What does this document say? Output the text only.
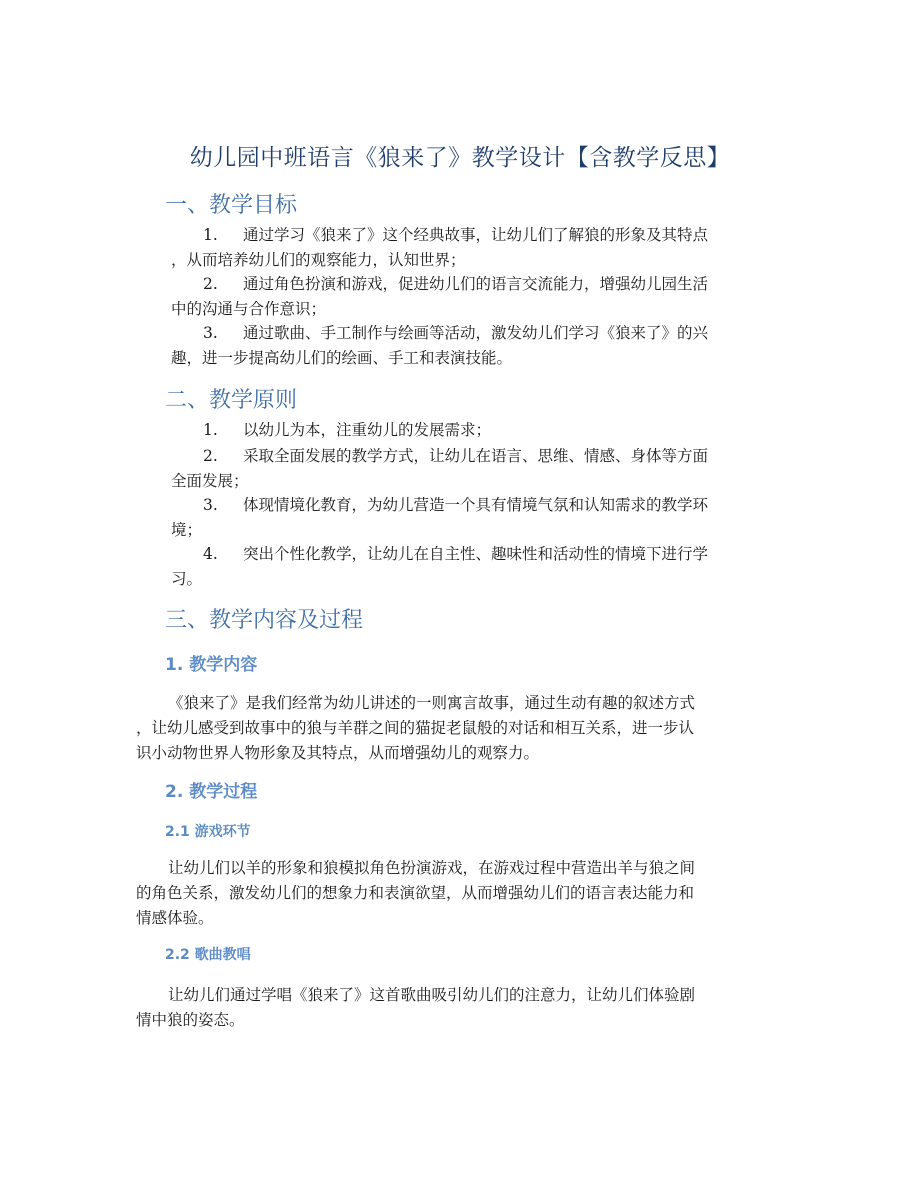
幼儿园中班语言《狼来了》教学设计【含教学反思】
一、教学目标
1.	通过学习《狼来了》这个经典故事，让幼儿们了解狼的形象及其特点
，从而培养幼儿们的观察能力，认知世界；
2.	通过角色扮演和游戏，促进幼儿们的语言交流能力，增强幼儿园生活
中的沟通与合作意识；
3.	通过歌曲、手工制作与绘画等活动，激发幼儿们学习《狼来了》的兴
趣，进一步提高幼儿们的绘画、手工和表演技能。
二、教学原则
1.	以幼儿为本，注重幼儿的发展需求；
2.	采取全面发展的教学方式，让幼儿在语言、思维、情感、身体等方面
全面发展；
3.	体现情境化教育，为幼儿营造一个具有情境气氛和认知需求的教学环
境；
4.	突出个性化教学，让幼儿在自主性、趣味性和活动性的情境下进行学
习。
三、教学内容及过程
1. 教学内容
《狼来了》是我们经常为幼儿讲述的一则寓言故事，通过生动有趣的叙述方式
，让幼儿感受到故事中的狼与羊群之间的猫捉老鼠般的对话和相互关系，进一步认
识小动物世界人物形象及其特点，从而增强幼儿的观察力。
2. 教学过程
2.1 游戏环节
让幼儿们以羊的形象和狼模拟角色扮演游戏，在游戏过程中营造出羊与狼之间
的角色关系，激发幼儿们的想象力和表演欲望，从而增强幼儿们的语言表达能力和
情感体验。
2.2 歌曲教唱
让幼儿们通过学唱《狼来了》这首歌曲吸引幼儿们的注意力，让幼儿们体验剧
情中狼的姿态。
